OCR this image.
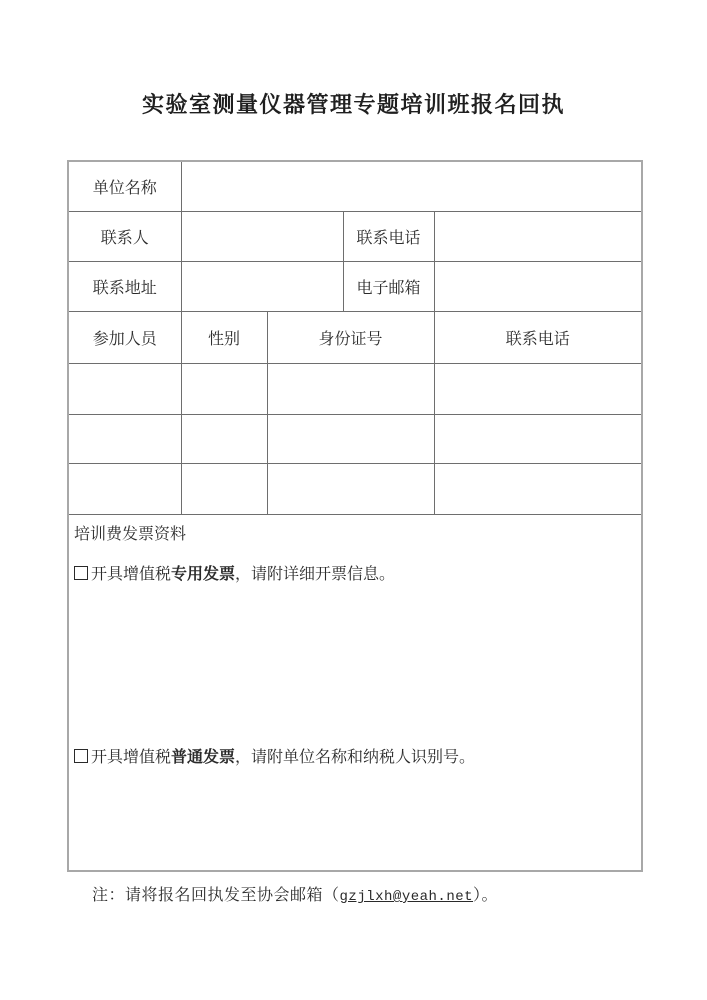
实验室测量仪器管理专题培训班报名回执
单位名称				
联系人			联系电话	
联系地址			电子邮箱	
参加人员	性别	身份证号		联系电话

培训费发票资料

开具增值税专用发票，请附详细开票信息。

开具增值税普通发票，请附单位名称和纳税人识别号。				

注：请将报名回执发至协会邮箱（gzjlxh@yeah.net）。
